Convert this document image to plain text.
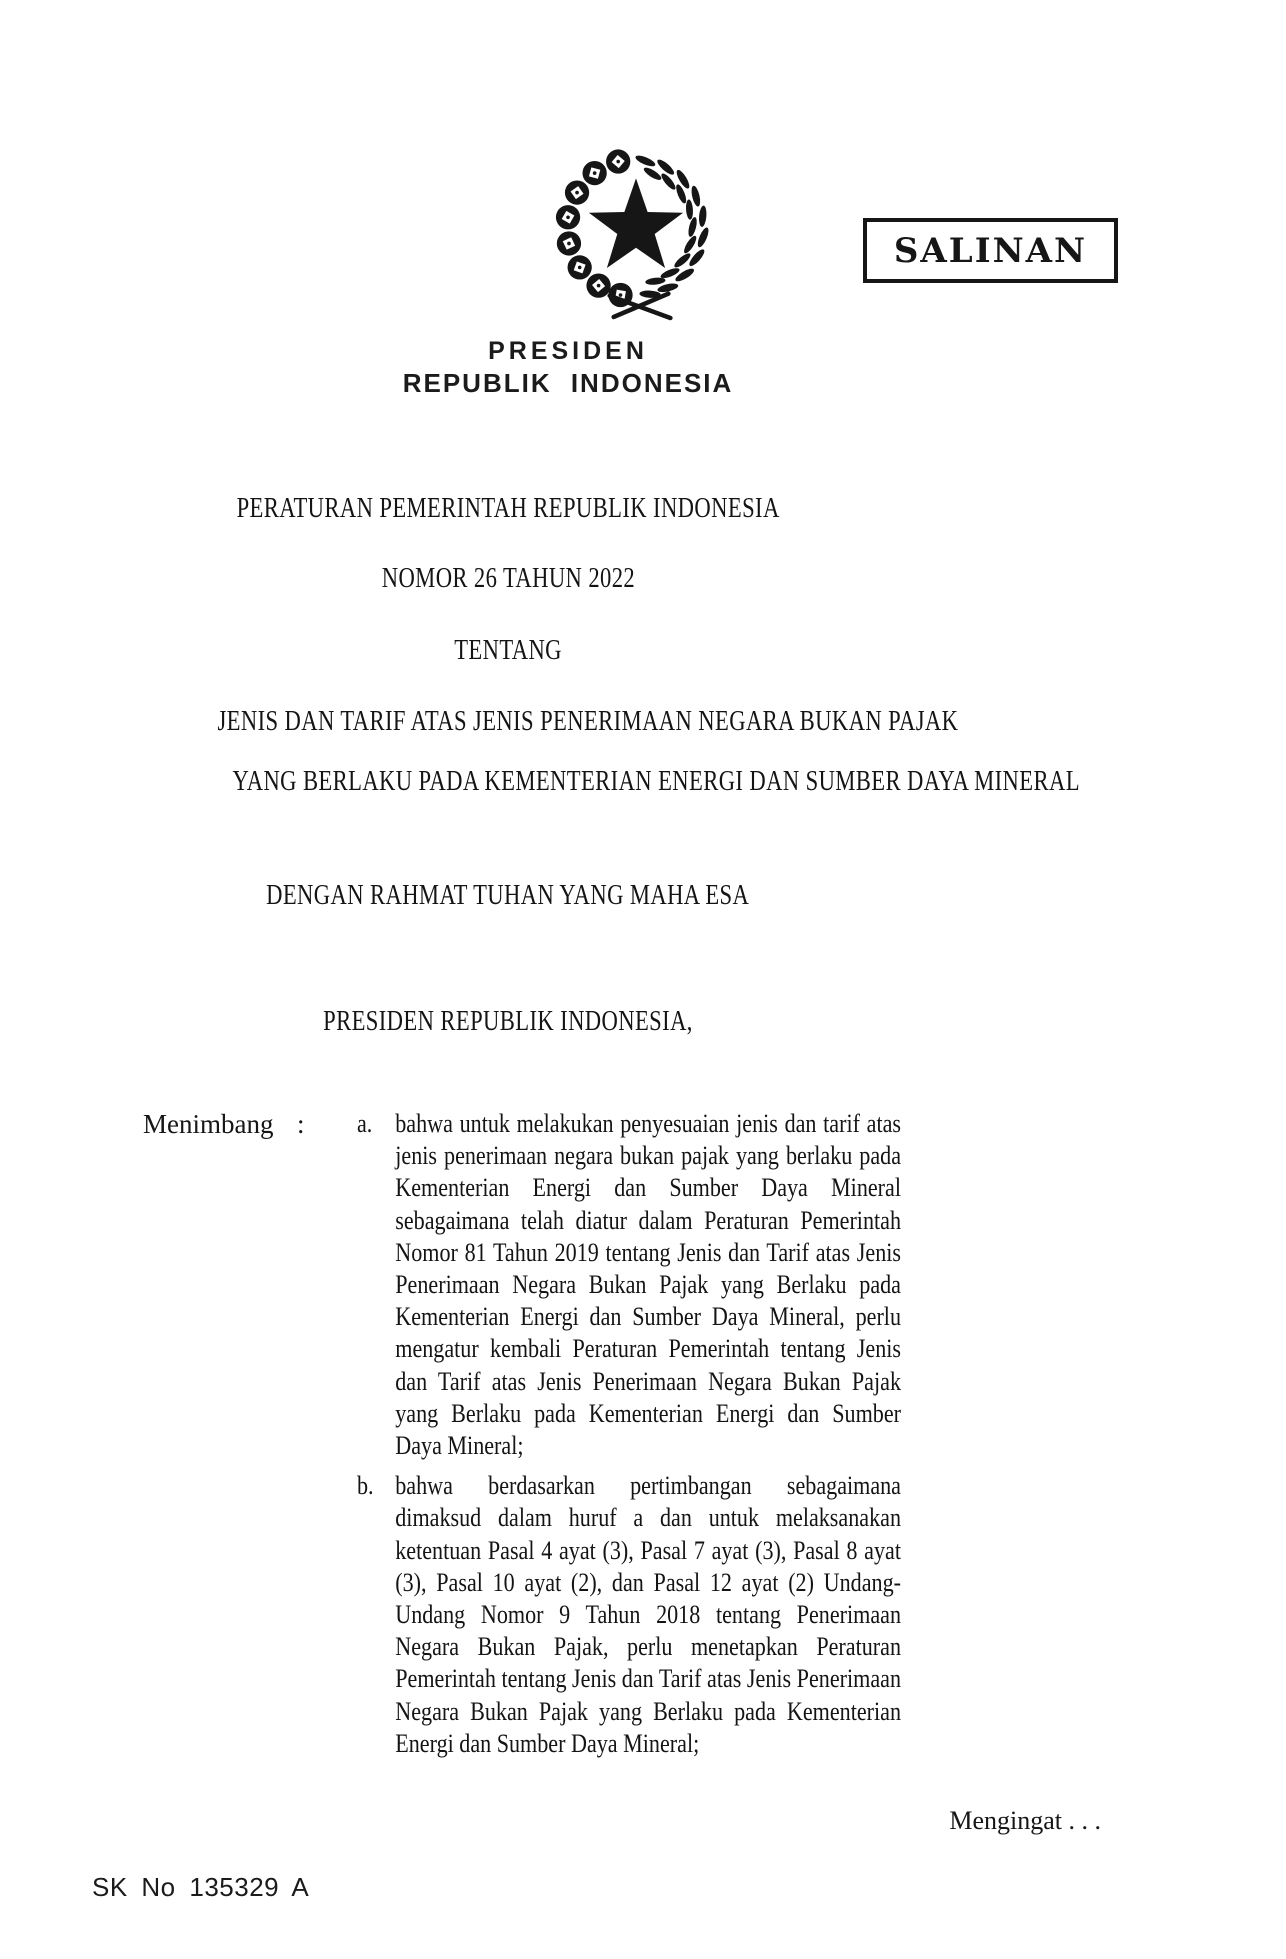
PRESIDEN
REPUBLIK INDONESIA
SALINAN
PERATURAN PEMERINTAH REPUBLIK INDONESIA
NOMOR 26 TAHUN 2022
TENTANG
JENIS DAN TARIF ATAS JENIS PENERIMAAN NEGARA BUKAN PAJAK
YANG BERLAKU PADA KEMENTERIAN ENERGI DAN SUMBER DAYA MINERAL
DENGAN RAHMAT TUHAN YANG MAHA ESA
PRESIDEN REPUBLIK INDONESIA,
Menimbang : a. bahwa untuk melakukan penyesuaian jenis dan tarif atas jenis penerimaan negara bukan pajak yang berlaku pada Kementerian Energi dan Sumber Daya Mineral sebagaimana telah diatur dalam Peraturan Pemerintah Nomor 81 Tahun 2019 tentang Jenis dan Tarif atas Jenis Penerimaan Negara Bukan Pajak yang Berlaku pada Kementerian Energi dan Sumber Daya Mineral, perlu mengatur kembali Peraturan Pemerintah tentang Jenis dan Tarif atas Jenis Penerimaan Negara Bukan Pajak yang Berlaku pada Kementerian Energi dan Sumber Daya Mineral;
b. bahwa berdasarkan pertimbangan sebagaimana dimaksud dalam huruf a dan untuk melaksanakan ketentuan Pasal 4 ayat (3), Pasal 7 ayat (3), Pasal 8 ayat (3), Pasal 10 ayat (2), dan Pasal 12 ayat (2) Undang-Undang Nomor 9 Tahun 2018 tentang Penerimaan Negara Bukan Pajak, perlu menetapkan Peraturan Pemerintah tentang Jenis dan Tarif atas Jenis Penerimaan Negara Bukan Pajak yang Berlaku pada Kementerian Energi dan Sumber Daya Mineral;
Mengingat . . .
SK No 135329 A
